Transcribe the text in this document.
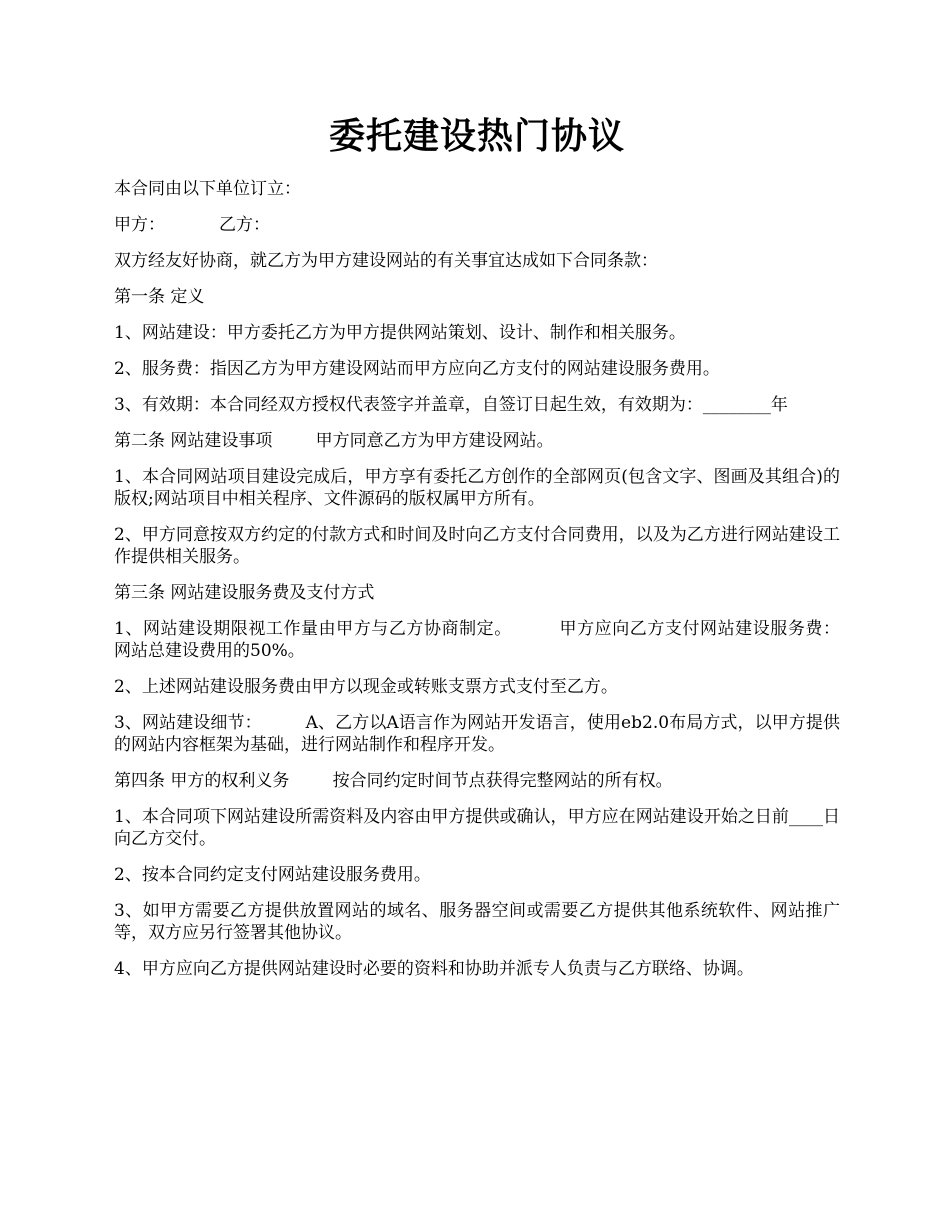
委托建设热门协议

本合同由以下单位订立：

甲方：          乙方：

双方经友好协商，就乙方为甲方建设网站的有关事宜达成如下合同条款：

第一条 定义

1、网站建设：甲方委托乙方为甲方提供网站策划、设计、制作和相关服务。

2、服务费：指因乙方为甲方建设网站而甲方应向乙方支付的网站建设服务费用。

3、有效期：本合同经双方授权代表签字并盖章，自签订日起生效，有效期为：________年

第二条 网站建设事项        甲方同意乙方为甲方建设网站。

1、本合同网站项目建设完成后，甲方享有委托乙方创作的全部网页(包含文字、图画及其组合)的版权;网站项目中相关程序、文件源码的版权属甲方所有。

2、甲方同意按双方约定的付款方式和时间及时向乙方支付合同费用，以及为乙方进行网站建设工作提供相关服务。

第三条 网站建设服务费及支付方式

1、网站建设期限视工作量由甲方与乙方协商制定。        甲方应向乙方支付网站建设服务费：        网站总建设费用的50%。

2、上述网站建设服务费由甲方以现金或转账支票方式支付至乙方。

3、网站建设细节：        A、乙方以A语言作为网站开发语言，使用eb2.0布局方式，以甲方提供的网站内容框架为基础，进行网站制作和程序开发。

第四条 甲方的权利义务        按合同约定时间节点获得完整网站的所有权。

1、本合同项下网站建设所需资料及内容由甲方提供或确认，甲方应在网站建设开始之日前____日向乙方交付。

2、按本合同约定支付网站建设服务费用。

3、如甲方需要乙方提供放置网站的域名、服务器空间或需要乙方提供其他系统软件、网站推广等，双方应另行签署其他协议。

4、甲方应向乙方提供网站建设时必要的资料和协助并派专人负责与乙方联络、协调。
